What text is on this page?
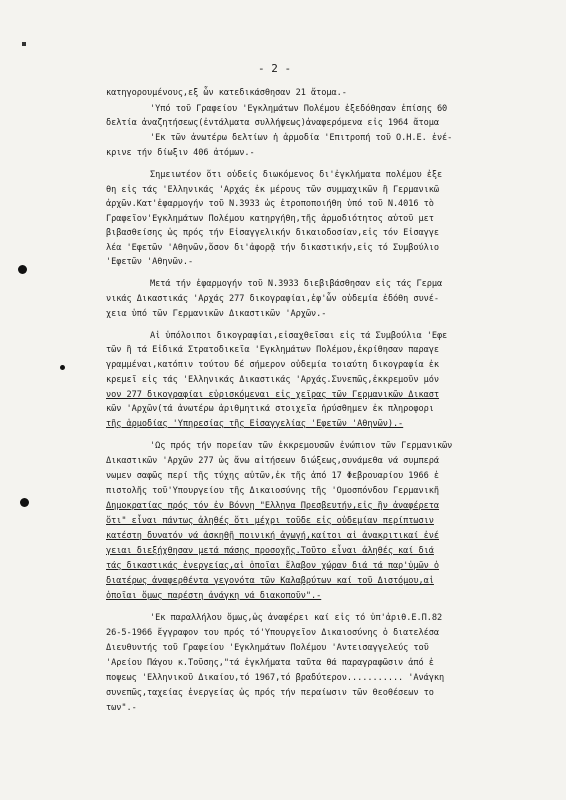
- 2 -
κατηγορουμένους,εξ ὧν κατεδικάσθησαν 21 ἄτομα.-
'Υπό τοῦ Γραφείου 'Εγκλημάτων Πολέμου ἐξεδόθησαν ἐπίσης 60
δελτία ἀναζητήσεως(ἐντάλματα συλλήψεως)ἀναφερόμενα εἰς 1964 ἄτομα
'Εκ τῶν ἀνωτέρω δελτίων ἡ ἁρμοδία 'Επιτροπή τοῦ Ο.Η.Ε. ἐνέ-
κρινε τήν δίωξιν 406 ἀτόμων.-
Σημειωτέον ὅτι οὐδείς διωκόμενος δι'ἐγκλήματα πολέμου ἐξε
θη εἰς τάς 'Ελληνικάς 'Αρχάς ἐκ μέρους τῶν συμμαχικῶν ἢ Γερμανικῶ
ἀρχῶν.Κατ'ἐφαρμογήν τοῦ Ν.3933 ὡς ἐτροποποιήθη ὑπό τοῦ Ν.4016 τὸ
Γραφεῖον'Εγκλημάτων Πολέμου κατηργήθη,τῆς ἁρμοδιότητος αὐτοῦ μετ
βιβασθείσης ὡς πρός τήν Εἰσαγγελικήν δικαιοδοσίαν,εἰς τόν Εἰσαγγε
λέα 'Εφετῶν 'Αθηνῶν,ὅσον δι'ἀφορᾷ τήν δικαστικήν,εἰς τό Συμβούλιο
'Εφετῶν 'Αθηνῶν.-
Μετά τήν ἐφαρμογήν τοῦ Ν.3933 διεβιβάσθησαν εἰς τάς Γερμα
νικάς Δικαστικάς 'Αρχάς 277 δικογραφίαι,ἐφ'ὧν οὐδεμία ἐδόθη συνέ-
χεια ὑπό τῶν Γερμανικῶν Δικαστικῶν 'Αρχῶν.-
Αἱ ὑπόλοιποι δικογραφίαι,εἰσαχθεῖσαι εἰς τά Συμβούλια 'Εφε
τῶν ἢ τά Εἰδικά Στρατοδικεῖα 'Εγκλημάτων Πολέμου,ἐκρίθησαν παραγε
γραμμέναι,κατόπιν τούτου δέ σήμερον οὐδεμία τοιαύτη δικογραφία ἐκ
κρεμεῖ εἰς τάς 'Ελληνικάς Δικαστικάς 'Αρχάς.Συνεπῶς,ἐκκρεμοῦν μόν
νον 277 δικογραφίαι εὑρισκόμεναι εἰς χεῖρας τῶν Γερμανικῶν Δικαστ
κῶν 'Αρχῶν(τά ἀνωτέρω ἀριθμητικά στοιχεῖα ἠρύσθημεν ἐκ πληροφορι
τῆς ἁρμοδίας 'Υπηρεσίας τῆς Εἰσαγγελίας 'Εφετῶν 'Αθηνῶν).-
'Ως πρός τήν πορείαν τῶν ἐκκρεμουσῶν ἐνώπιον τῶν Γερμανικῶν
Δικαστικῶν 'Αρχῶν 277 ὡς ἄνω αἰτήσεων διώξεως,συνάμεθα νά συμπερά
νωμεν σαφῶς περί τῆς τύχης αὐτῶν,ἐκ τῆς ἀπό 17 Φεβρουαρίου 1966 ἐ
πιστολῆς τοῦ'Υπουργείου τῆς Δικαιοσύνης τῆς 'Ομοσπόνδου Γερμανικῆ
Δημοκρατίας πρός τόν ἐν Βόννῃ "Ελληνα Πρεσβευτήν,εἰς ἣν ἀναφέρετα
ὅτι" εἶναι πάντως ἀληθές ὅτι μέχρι τοῦδε εἰς οὐδεμίαν περίπτωσιν
κατέστη δυνατόν νά ἀσκηθῇ ποινική ἀγωγή,καίτοι αἱ ἀνακριτικαί ἐνέ
γειαι διεξήχθησαν μετά πάσης προσοχῆς.Τοῦτο εἶναι ἀληθές καί διά
τάς δικαστικάς ἐνεργείας,αἱ ὁποῖαι ἔλαβον χώραν διά τά παρ'ὑμῶν ὁ
διατέρως ἀναφερθέντα γεγονότα τῶν Καλαβρύτων καί τοῦ Διστόμου,αἱ
ὁποῖαι ὅμως παρέστη ἀνάγκη νά διακοποῦν".-
'Εκ παραλλήλου ὅμως,ὡς ἀναφέρει καί εἰς τό ὑπ'ἀριθ.Ε.Π.82
26-5-1966 ἔγγραφον του πρός τό'Υπουργεῖον Δικαιοσύνης ὁ διατελέσα
Διευθυντής τοῦ Γραφείου 'Εγκλημάτων Πολέμου 'Αντεισαγγελεύς τοῦ
'Αρείου Πάγου κ.Τοῦσης,"τά ἐγκλήματα ταῦτα θά παραγραφῶσιν ἀπό ἐ
ποψεως 'Ελληνικοῦ Δικαίου,τό 1967,τό βραδύτερον........... 'Ανάγκη
συνεπῶς,ταχείας ἐνεργείας ὡς πρός τήν περαίωσιν τῶν θεοθέσεων το
των".-
